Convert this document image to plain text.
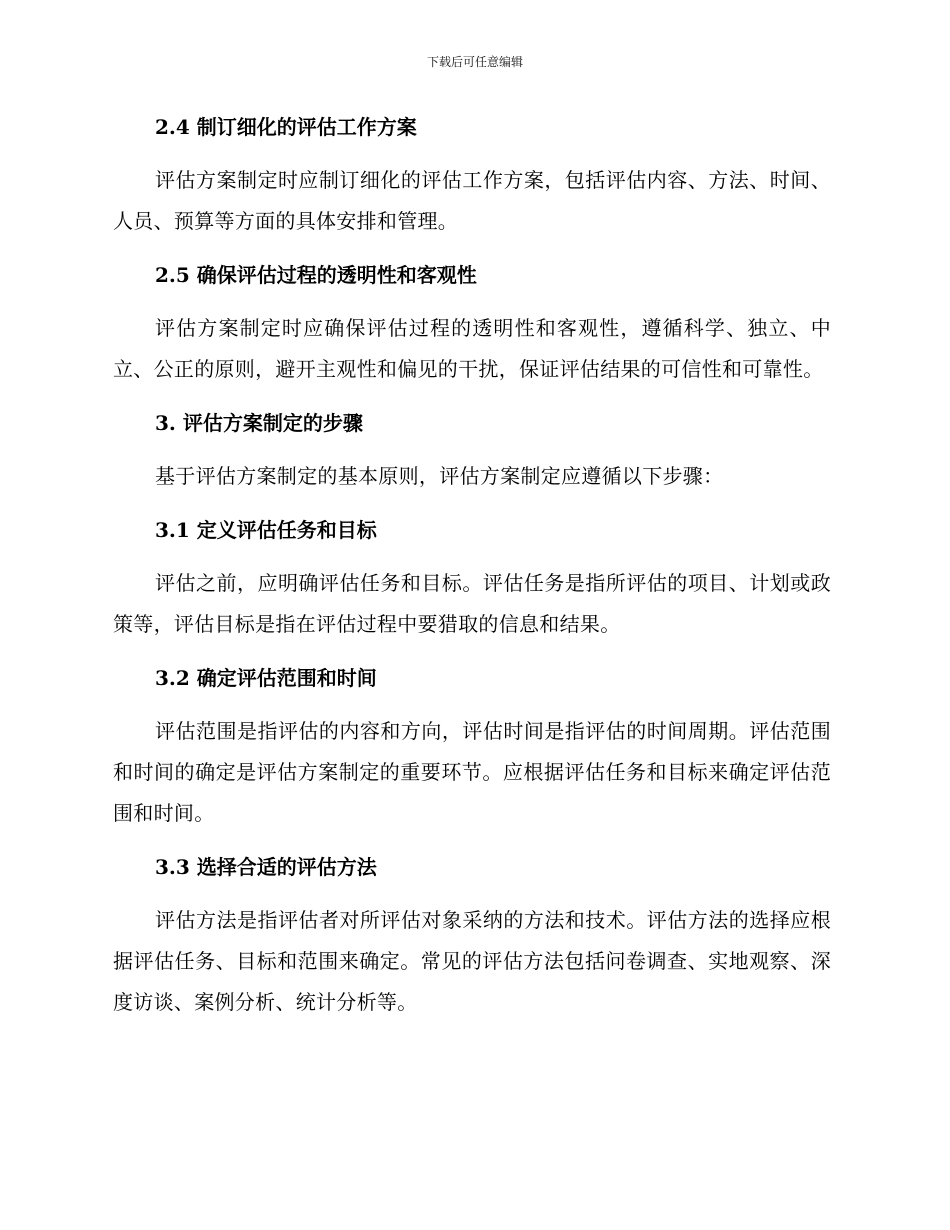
下载后可任意编辑
2.4 制订细化的评估工作方案

评估方案制定时应制订细化的评估工作方案，包括评估内容、方法、时间、人员、预算等方面的具体安排和管理。

2.5 确保评估过程的透明性和客观性

评估方案制定时应确保评估过程的透明性和客观性，遵循科学、独立、中立、公正的原则，避开主观性和偏见的干扰，保证评估结果的可信性和可靠性。

3. 评估方案制定的步骤

基于评估方案制定的基本原则，评估方案制定应遵循以下步骤：

3.1 定义评估任务和目标

评估之前，应明确评估任务和目标。评估任务是指所评估的项目、计划或政策等，评估目标是指在评估过程中要猎取的信息和结果。

3.2 确定评估范围和时间

评估范围是指评估的内容和方向，评估时间是指评估的时间周期。评估范围和时间的确定是评估方案制定的重要环节。应根据评估任务和目标来确定评估范围和时间。

3.3 选择合适的评估方法

评估方法是指评估者对所评估对象采纳的方法和技术。评估方法的选择应根据评估任务、目标和范围来确定。常见的评估方法包括问卷调查、实地观察、深度访谈、案例分析、统计分析等。
